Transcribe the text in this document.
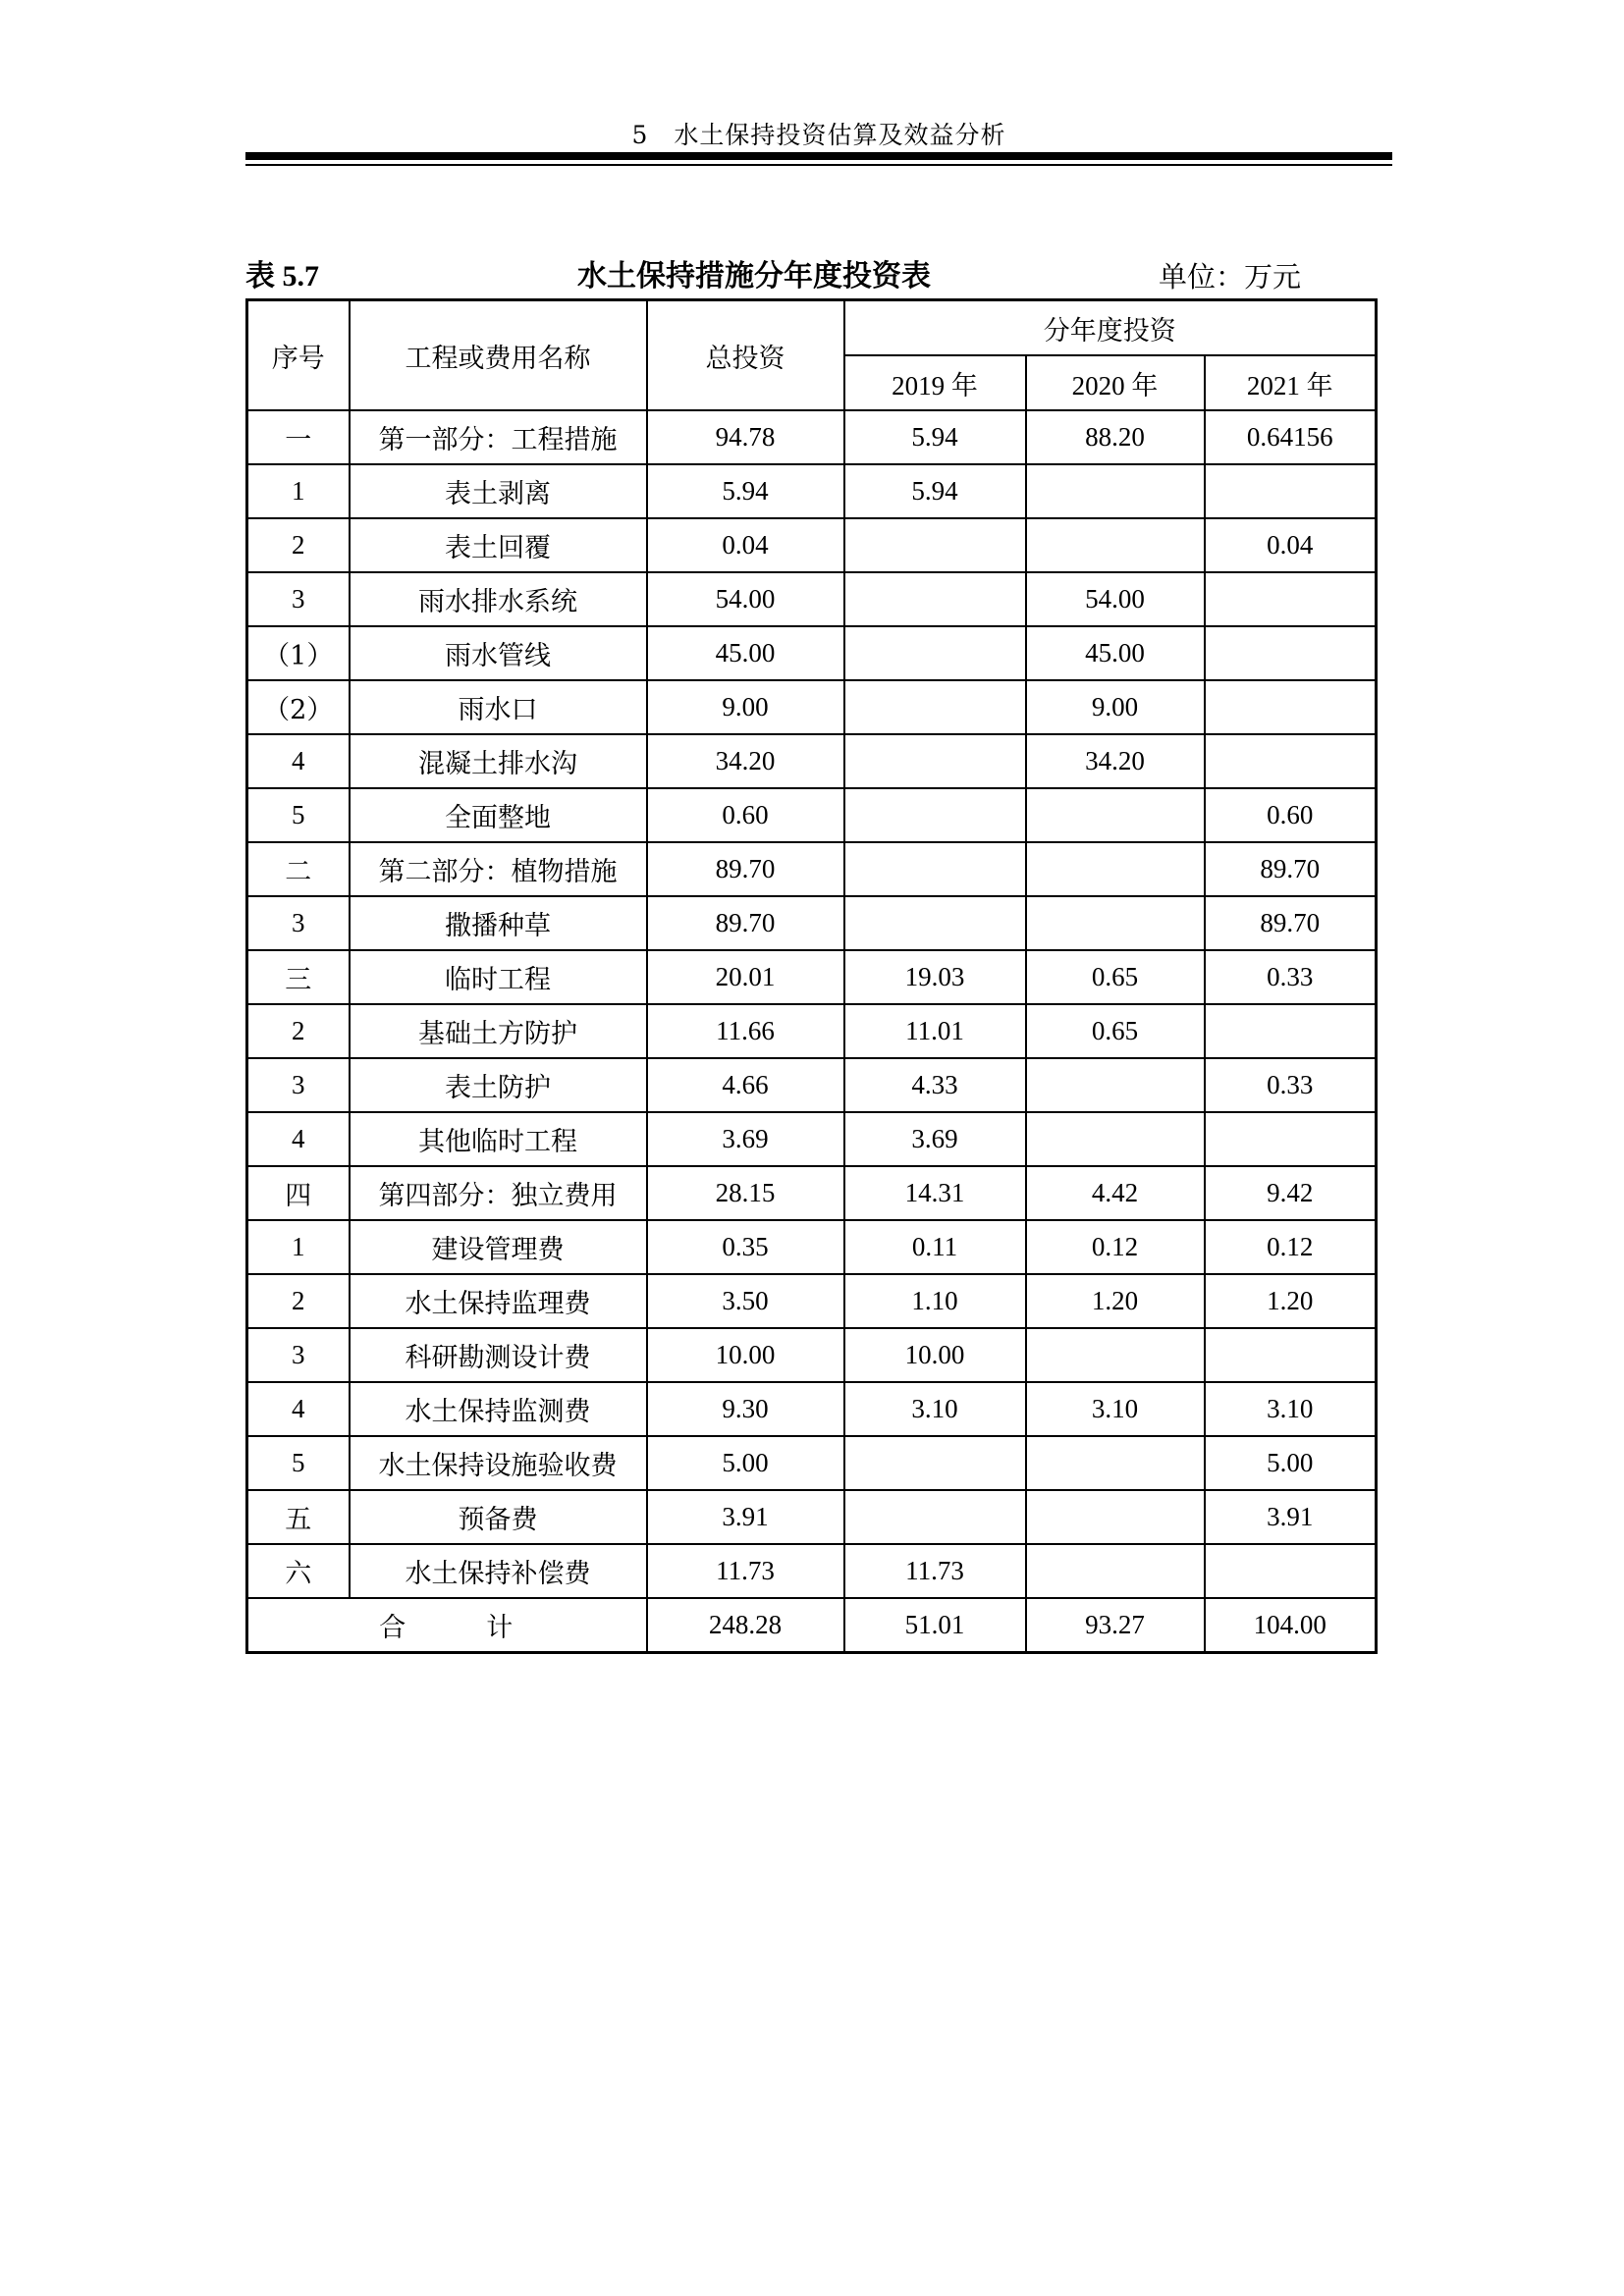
5　水土保持投资估算及效益分析
表 5.7	水土保持措施分年度投资表	单位：万元
序号	工程或费用名称	总投资	分年度投资		
			2019 年	2020 年	2021 年
一	第一部分：工程措施	94.78	5.94	88.20	0.64156
1	表土剥离	5.94	5.94		
2	表土回覆	0.04			0.04
3	雨水排水系统	54.00		54.00	
（1）	雨水管线	45.00		45.00	
（2）	雨水口	9.00		9.00	
4	混凝土排水沟	34.20		34.20	
5	全面整地	0.60			0.60
二	第二部分：植物措施	89.70			89.70
3	撒播种草	89.70			89.70
三	临时工程	20.01	19.03	0.65	0.33
2	基础土方防护	11.66	11.01	0.65	
3	表土防护	4.66	4.33		0.33
4	其他临时工程	3.69	3.69		
四	第四部分：独立费用	28.15	14.31	4.42	9.42
1	建设管理费	0.35	0.11	0.12	0.12
2	水土保持监理费	3.50	1.10	1.20	1.20
3	科研勘测设计费	10.00	10.00		
4	水土保持监测费	9.30	3.10	3.10	3.10
5	水土保持设施验收费	5.00			5.00
五	预备费	3.91			3.91
六	水土保持补偿费	11.73	11.73		
合 计		248.28	51.01	93.27	104.00
